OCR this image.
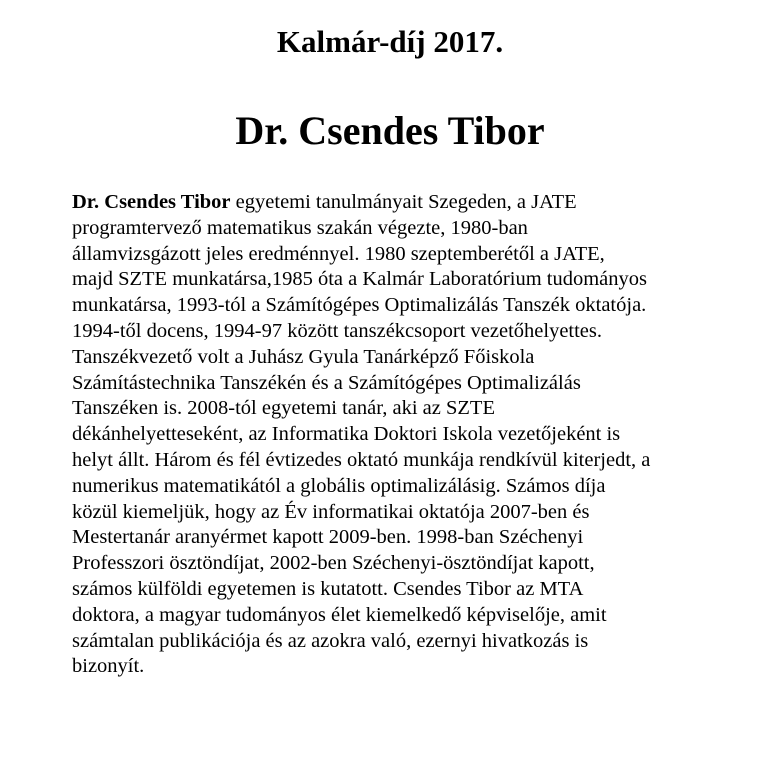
Kalmár-díj 2017.
Dr. Csendes Tibor
Dr. Csendes Tibor egyetemi tanulmányait Szegeden, a JATE
programtervező matematikus szakán végezte, 1980-ban
államvizsgázott jeles eredménnyel. 1980 szeptemberétől a JATE,
majd SZTE munkatársa,1985 óta a Kalmár Laboratórium tudományos
munkatársa, 1993-tól a Számítógépes Optimalizálás Tanszék oktatója.
1994-től docens, 1994-97 között tanszékcsoport vezetőhelyettes.
Tanszékvezető volt a Juhász Gyula Tanárképző Főiskola
Számítástechnika Tanszékén és a Számítógépes Optimalizálás
Tanszéken is. 2008-tól egyetemi tanár, aki az SZTE
dékánhelyetteseként, az Informatika Doktori Iskola vezetőjeként is
helyt állt. Három és fél évtizedes oktató munkája rendkívül kiterjedt, a
numerikus matematikától a globális optimalizálásig. Számos díja
közül kiemeljük, hogy az Év informatikai oktatója 2007-ben és
Mestertanár aranyérmet kapott 2009-ben. 1998-ban Széchenyi
Professzori ösztöndíjat, 2002-ben Széchenyi-ösztöndíjat kapott,
számos külföldi egyetemen is kutatott. Csendes Tibor az MTA
doktora, a magyar tudományos élet kiemelkedő képviselője, amit
számtalan publikációja és az azokra való, ezernyi hivatkozás is
bizonyít.
